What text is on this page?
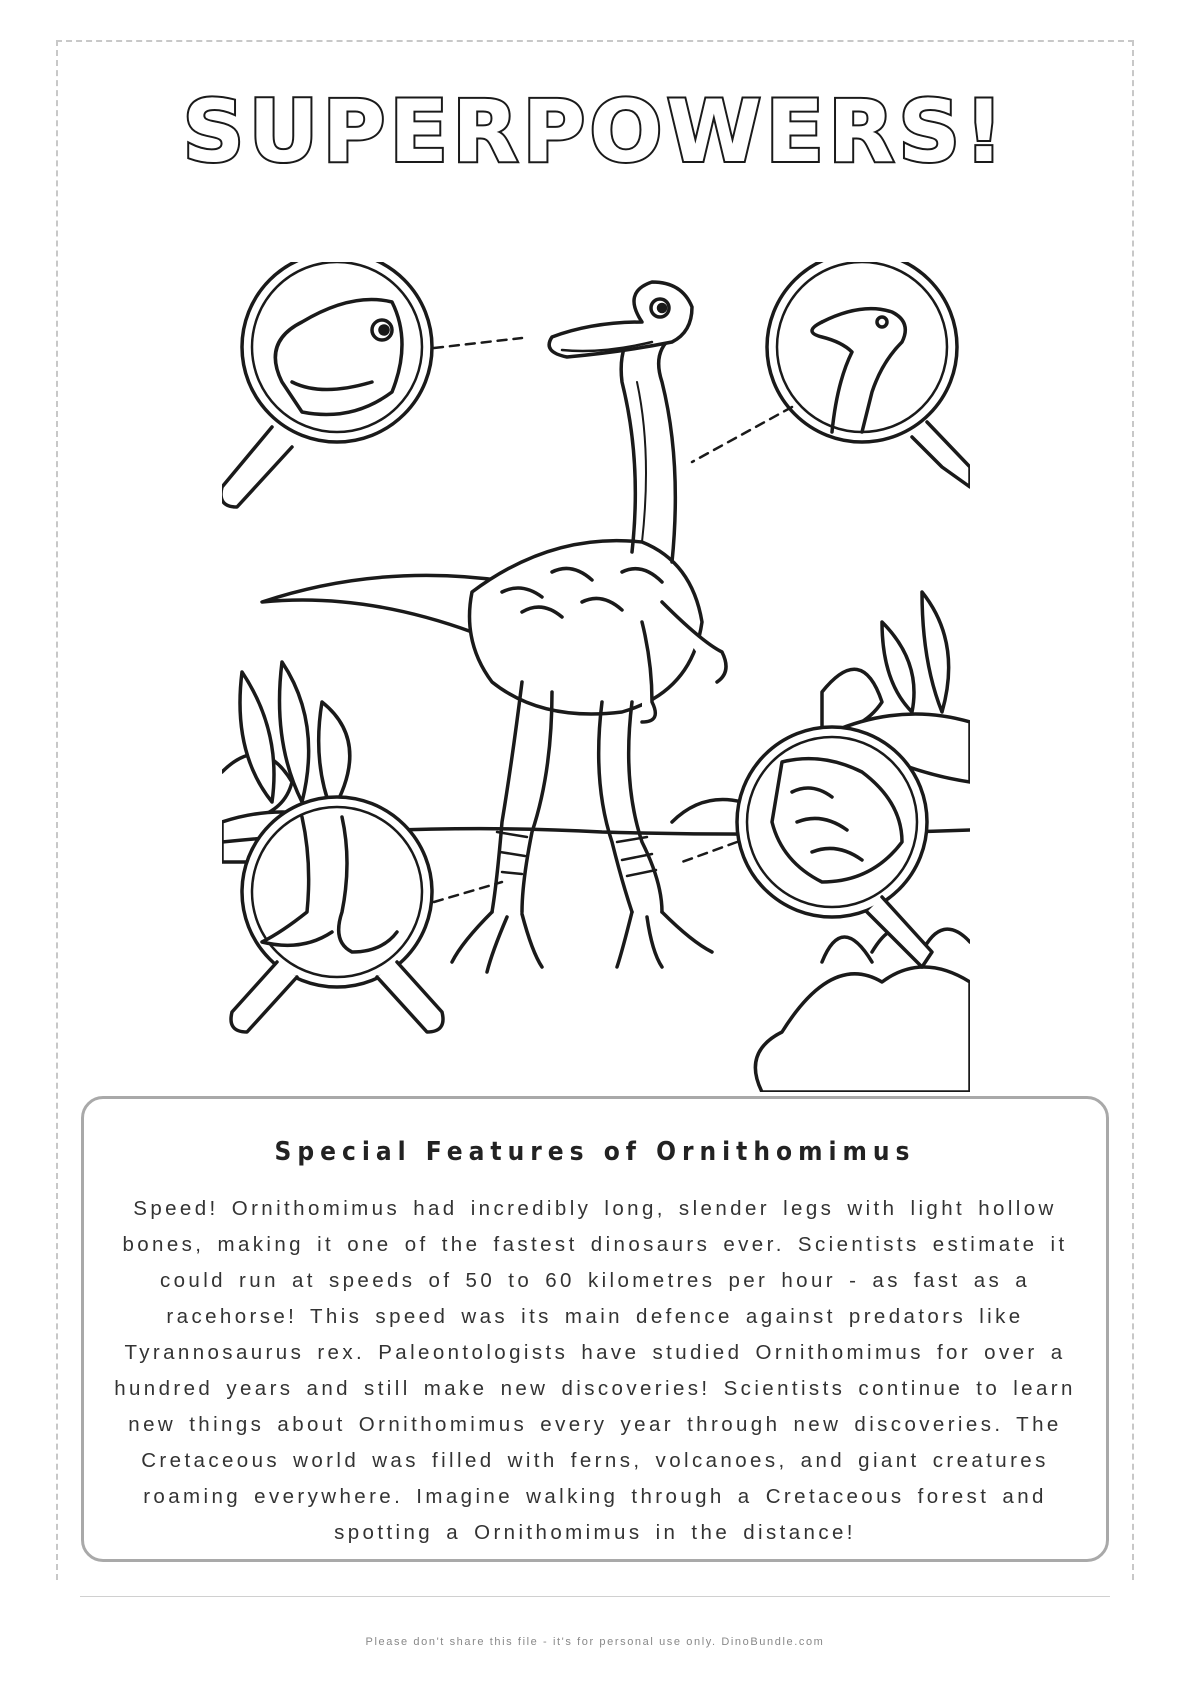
SUPERPOWERS!
Special Features of Ornithomimus
Speed! Ornithomimus had incredibly long, slender legs with light hollow bones, making it one of the fastest dinosaurs ever. Scientists estimate it could run at speeds of 50 to 60 kilometres per hour - as fast as a racehorse! This speed was its main defence against predators like Tyrannosaurus rex. Paleontologists have studied Ornithomimus for over a hundred years and still make new discoveries! Scientists continue to learn new things about Ornithomimus every year through new discoveries. The Cretaceous world was filled with ferns, volcanoes, and giant creatures roaming everywhere. Imagine walking through a Cretaceous forest and spotting a Ornithomimus in the distance!
Please don't share this file - it's for personal use only. DinoBundle.com
